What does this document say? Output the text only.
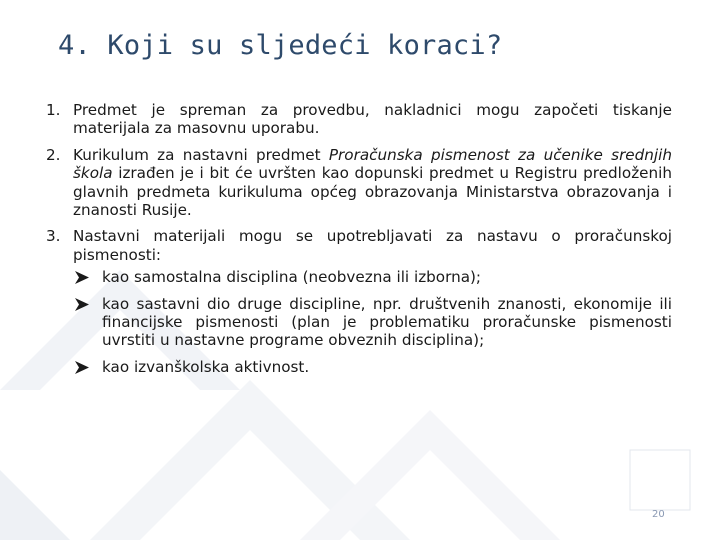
4. Koji su sljedeći koraci?
1. Predmet je spreman za provedbu, nakladnici mogu započeti tiskanje materijala za masovnu uporabu.
2. Kurikulum za nastavni predmet Proračunska pismenost za učenike srednjih škola izrađen je i bit će uvršten kao dopunski predmet u Registru predloženih glavnih predmeta kurikuluma općeg obrazovanja Ministarstva obrazovanja i znanosti Rusije.
3. Nastavni materijali mogu se upotrebljavati za nastavu o proračunskoj pismenosti:
kao samostalna disciplina (neobvezna ili izborna);
kao sastavni dio druge discipline, npr. društvenih znanosti, ekonomije ili financijske pismenosti (plan je problematiku proračunske pismenosti uvrstiti u nastavne programe obveznih disciplina);
kao izvanškolska aktivnost.
20
